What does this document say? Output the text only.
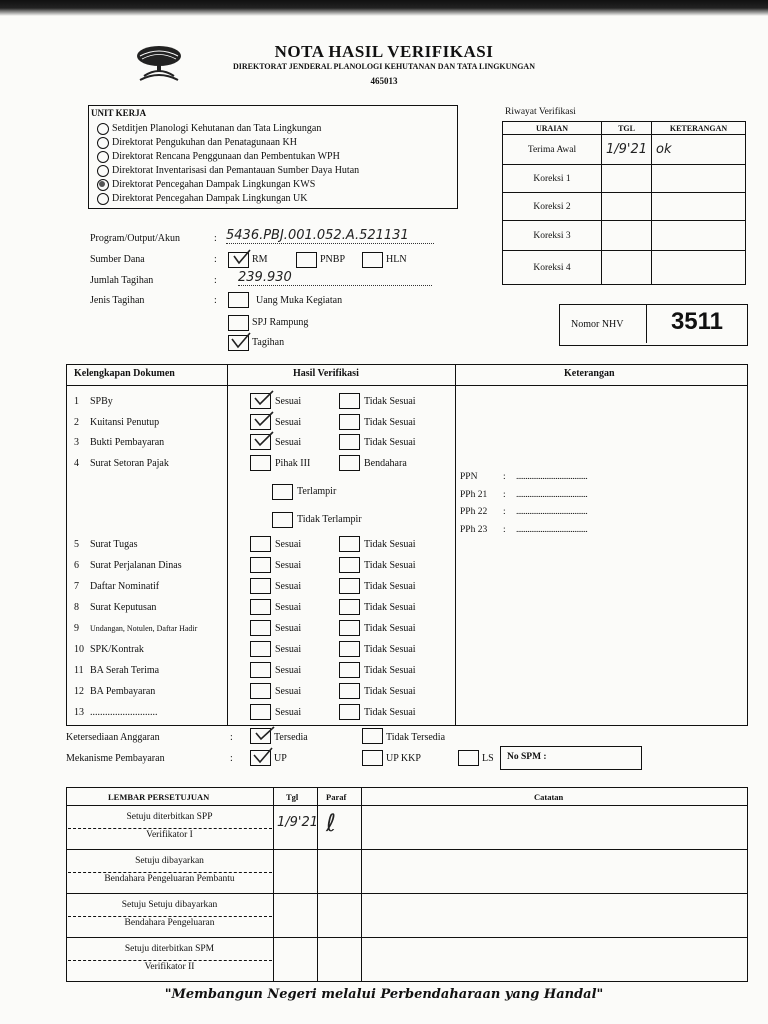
NOTA HASIL VERIFIKASI
DIREKTORAT JENDERAL PLANOLOGI KEHUTANAN DAN TATA LINGKUNGAN
465013
UNIT KERJA
Setditjen Planologi Kehutanan dan Tata Lingkungan
Direktorat Pengukuhan dan Penatagunaan KH
Direktorat Rencana Penggunaan dan Pembentukan WPH
Direktorat Inventarisasi dan Pemantauan Sumber Daya Hutan
Direktorat Pencegahan Dampak Lingkungan KWS
Direktorat Pencegahan Dampak Lingkungan UK
Riwayat Verifikasi
URAIAN	TGL	KETERANGAN
Terima Awal	1/9'21	ok
Koreksi 1		
Koreksi 2		
Koreksi 3		
Koreksi 4		
Program/Output/Akun	: 5436.PBJ.001.052.A.521131
Sumber Dana	:	RM	PNBP	HLN
Jumlah Tagihan	: 239.930
Jenis Tagihan	:	Uang Muka Kegiatan
SPJ Rampung
Tagihan
Nomor NHV	3511
Kelengkapan Dokumen	Hasil Verifikasi	Keterangan
1 SPBy	Sesuai	Tidak Sesuai
2 Kuitansi Penutup	Sesuai	Tidak Sesuai
3 Bukti Pembayaran	Sesuai	Tidak Sesuai
4 Surat Setoran Pajak	Pihak III	Bendahara
5 Surat Tugas	Sesuai	Tidak Sesuai
6 Surat Perjalanan Dinas	Sesuai	Tidak Sesuai
7 Daftar Nominatif	Sesuai	Tidak Sesuai
8 Surat Keputusan	Sesuai	Tidak Sesuai
9 Undangan, Notulen, Daftar Hadir	Sesuai	Tidak Sesuai
10 SPK/Kontrak	Sesuai	Tidak Sesuai
11 BA Serah Terima	Sesuai	Tidak Sesuai
12 BA Pembayaran	Sesuai	Tidak Sesuai
13 ...........................	Sesuai	Tidak Sesuai
Terlampir
Tidak Terlampir
PPN	: ......................................
PPh 21 : ......................................
PPh 22 : ......................................
PPh 23 : ......................................
Ketersediaan Anggaran	:	Tersedia	Tidak Tersedia
Mekanisme Pembayaran	:	UP	UP KKP	LS No SPM :
LEMBAR PERSETUJUAN	Tgl	Paraf	Catatan
Setuju diterbitkan SPP
Verifikator I
1/9'21 ℓ
Setuju dibayarkan
Bendahara Pengeluaran Pembantu
Setuju Setuju dibayarkan
Bendahara Pengeluaran
Setuju diterbitkan SPM
Verifikator II
"Membangun Negeri melalui Perbendaharaan yang Handal"
